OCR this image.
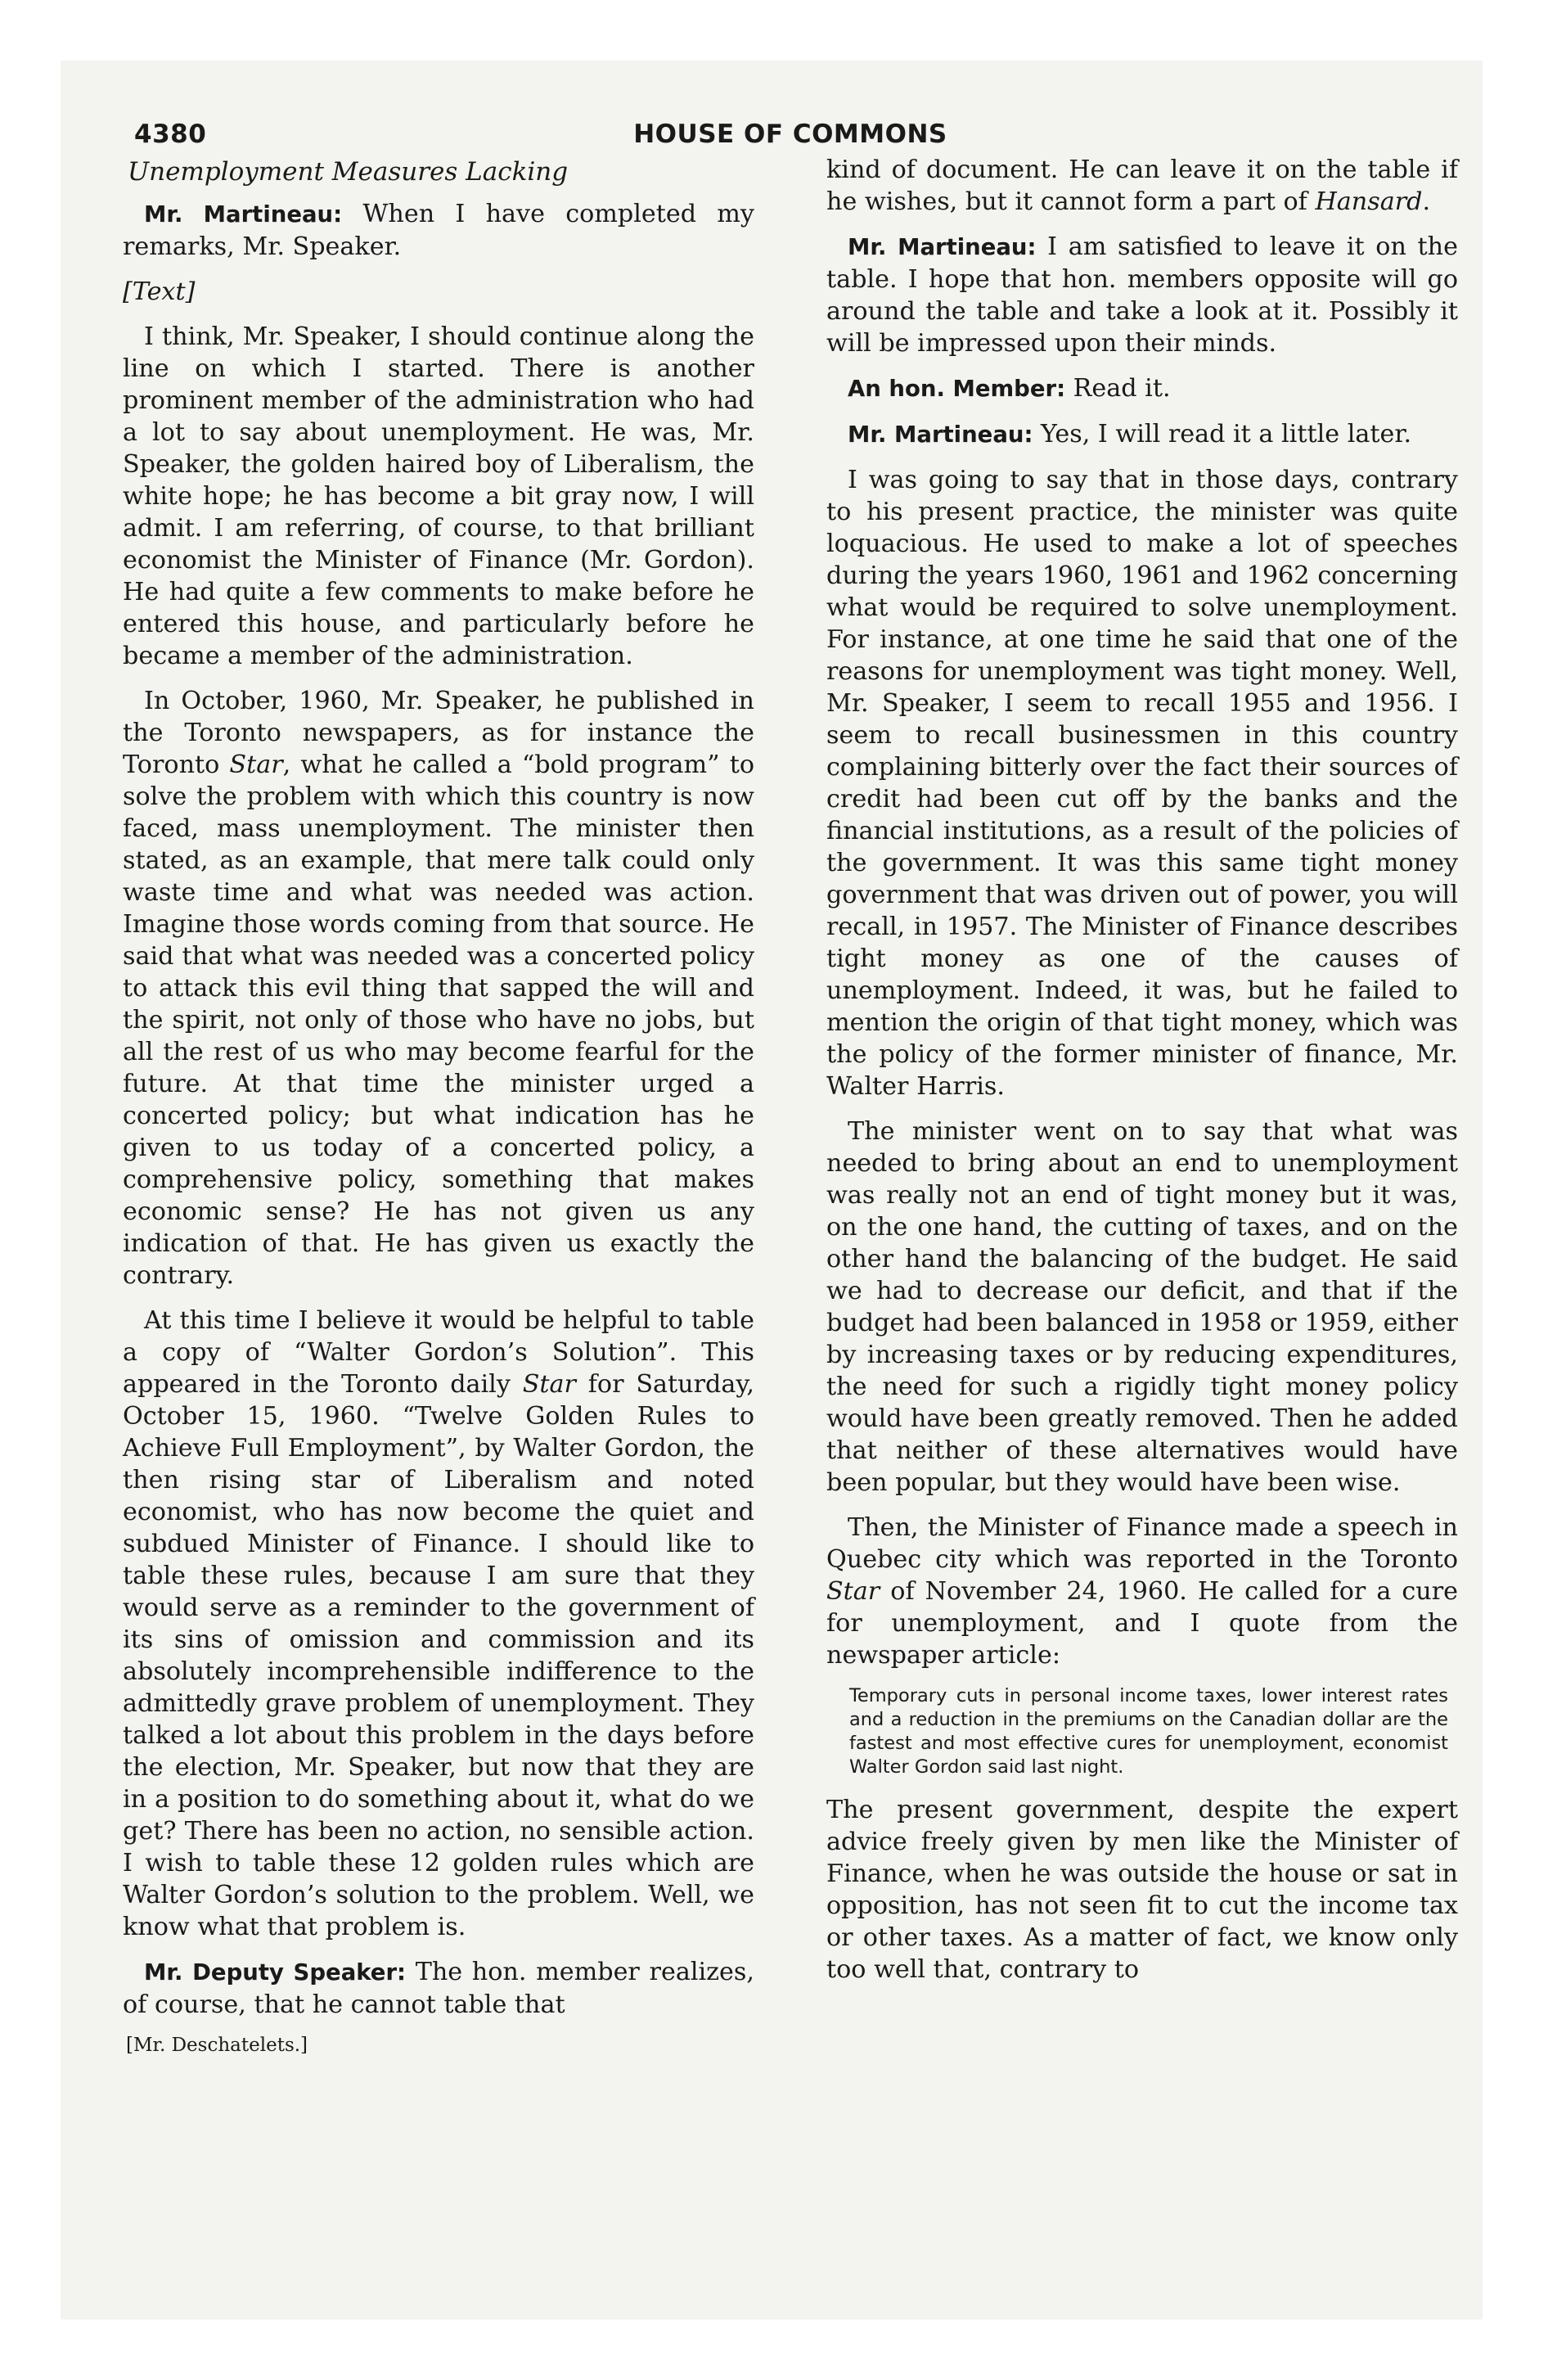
4380	HOUSE OF COMMONS
Unemployment Measures Lacking

Mr. Martineau: When I have completed my remarks, Mr. Speaker.

[Text]

I think, Mr. Speaker, I should continue along the line on which I started. There is another prominent member of the administration who had a lot to say about unemployment. He was, Mr. Speaker, the golden haired boy of Liberalism, the white hope; he has become a bit gray now, I will admit. I am referring, of course, to that brilliant economist the Minister of Finance (Mr. Gordon). He had quite a few comments to make before he entered this house, and particularly before he became a member of the administration.

In October, 1960, Mr. Speaker, he published in the Toronto newspapers, as for instance the Toronto Star, what he called a “bold program” to solve the problem with which this country is now faced, mass unemployment. The minister then stated, as an example, that mere talk could only waste time and what was needed was action. Imagine those words coming from that source. He said that what was needed was a concerted policy to attack this evil thing that sapped the will and the spirit, not only of those who have no jobs, but all the rest of us who may become fearful for the future. At that time the minister urged a concerted policy; but what indication has he given to us today of a concerted policy, a comprehensive policy, something that makes economic sense? He has not given us any indication of that. He has given us exactly the contrary.

At this time I believe it would be helpful to table a copy of “Walter Gordon’s Solution”. This appeared in the Toronto daily Star for Saturday, October 15, 1960. “Twelve Golden Rules to Achieve Full Employment”, by Walter Gordon, the then rising star of Liberalism and noted economist, who has now become the quiet and subdued Minister of Finance. I should like to table these rules, because I am sure that they would serve as a reminder to the government of its sins of omission and commission and its absolutely incomprehensible indifference to the admittedly grave problem of unemployment. They talked a lot about this problem in the days before the election, Mr. Speaker, but now that they are in a position to do something about it, what do we get? There has been no action, no sensible action. I wish to table these 12 golden rules which are Walter Gordon’s solution to the problem. Well, we know what that problem is.

Mr. Deputy Speaker: The hon. member realizes, of course, that he cannot table that

[Mr. Deschatelets.]

kind of document. He can leave it on the table if he wishes, but it cannot form a part of Hansard.

Mr. Martineau: I am satisfied to leave it on the table. I hope that hon. members opposite will go around the table and take a look at it. Possibly it will be impressed upon their minds.

An hon. Member: Read it.

Mr. Martineau: Yes, I will read it a little later.

I was going to say that in those days, contrary to his present practice, the minister was quite loquacious. He used to make a lot of speeches during the years 1960, 1961 and 1962 concerning what would be required to solve unemployment. For instance, at one time he said that one of the reasons for unemployment was tight money. Well, Mr. Speaker, I seem to recall 1955 and 1956. I seem to recall businessmen in this country complaining bitterly over the fact their sources of credit had been cut off by the banks and the financial institutions, as a result of the policies of the government. It was this same tight money government that was driven out of power, you will recall, in 1957. The Minister of Finance describes tight money as one of the causes of unemployment. Indeed, it was, but he failed to mention the origin of that tight money, which was the policy of the former minister of finance, Mr. Walter Harris.

The minister went on to say that what was needed to bring about an end to unemployment was really not an end of tight money but it was, on the one hand, the cutting of taxes, and on the other hand the balancing of the budget. He said we had to decrease our deficit, and that if the budget had been balanced in 1958 or 1959, either by increasing taxes or by reducing expenditures, the need for such a rigidly tight money policy would have been greatly removed. Then he added that neither of these alternatives would have been popular, but they would have been wise.

Then, the Minister of Finance made a speech in Quebec city which was reported in the Toronto Star of November 24, 1960. He called for a cure for unemployment, and I quote from the newspaper article:

Temporary cuts in personal income taxes, lower interest rates and a reduction in the premiums on the Canadian dollar are the fastest and most effective cures for unemployment, economist Walter Gordon said last night.

The present government, despite the expert advice freely given by men like the Minister of Finance, when he was outside the house or sat in opposition, has not seen fit to cut the income tax or other taxes. As a matter of fact, we know only too well that, contrary to
